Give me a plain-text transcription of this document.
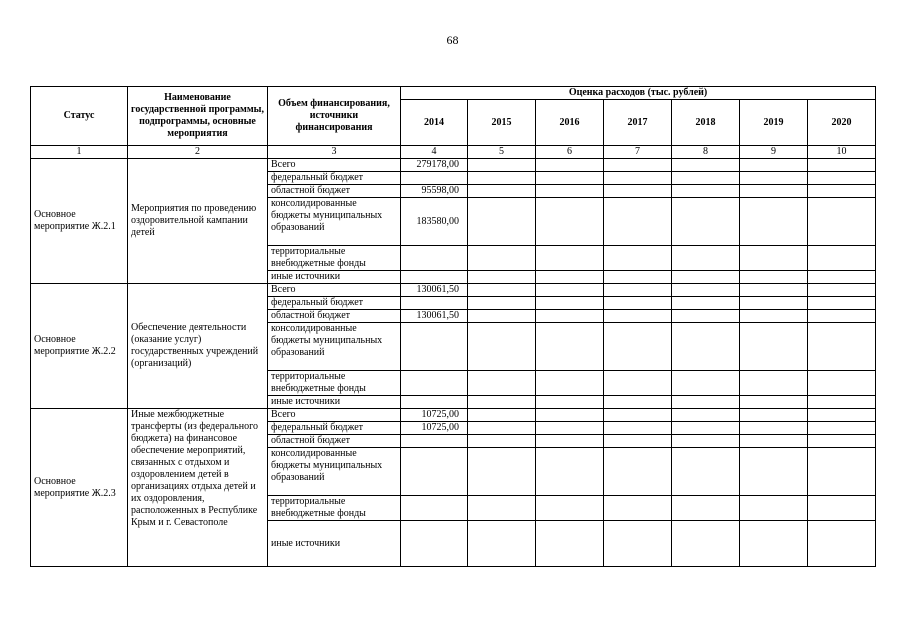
68
Статус	Наименование государственной программы, подпрограммы, основные мероприятия	Объем финансирования, источники финансирования	Оценка расходов (тыс. рублей)						
			2014	2015	2016	2017	2018	2019	2020
1	2	3	4	5	6	7	8	9	10
Основное мероприятие Ж.2.1	Мероприятия по проведению оздоровительной кампании детей	Всего	279178,00						
		федеральный бюджет							
		областной бюджет	95598,00						
		консолидированные бюджеты муниципальных образований	183580,00						
		территориальные внебюджетные фонды							
		иные источники							
Основное мероприятие Ж.2.2	Обеспечение деятельности (оказание услуг) государственных учреждений (организаций)	Всего	130061,50						
		федеральный бюджет							
		областной бюджет	130061,50						
		консолидированные бюджеты муниципальных образований							
		территориальные внебюджетные фонды							
		иные источники							
Основное мероприятие Ж.2.3	Иные межбюджетные трансферты (из федерального бюджета) на финансовое обеспечение мероприятий, связанных с отдыхом и оздоровлением детей в организациях отдыха детей и их оздоровления, расположенных в Республике Крым и г. Севастополе	Всего	10725,00						
		федеральный бюджет	10725,00						
		областной бюджет							
		консолидированные бюджеты муниципальных образований							
		территориальные внебюджетные фонды							
		иные источники							
